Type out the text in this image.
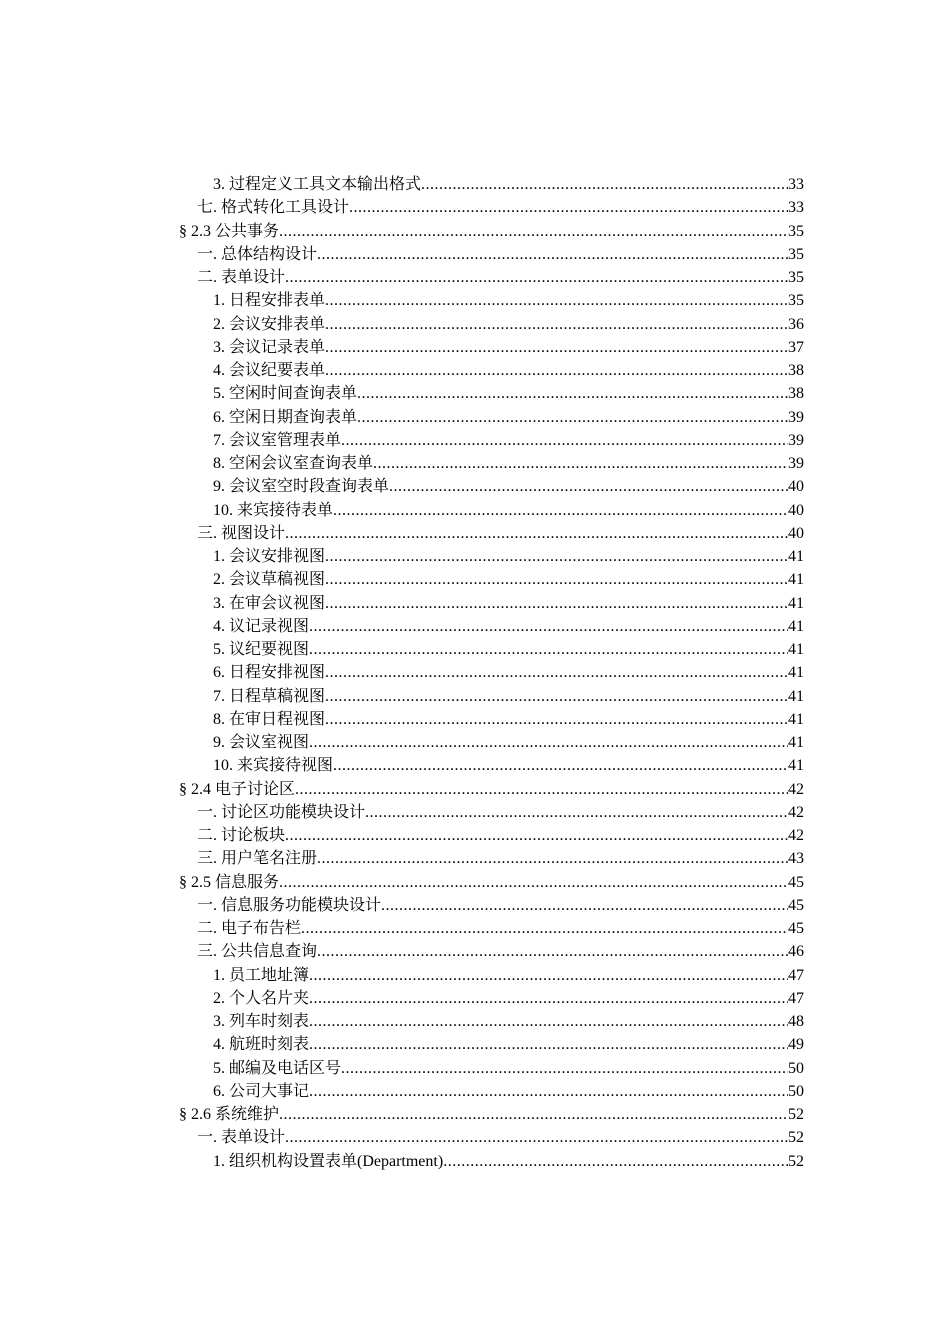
3. 过程定义工具文本输出格式 .....	33
七. 格式转化工具设计 .....	33
§ 2.3 公共事务 .....	35
一. 总体结构设计 .....	35
二. 表单设计 .....	35
1. 日程安排表单 .....	35
2. 会议安排表单 .....	36
3. 会议记录表单 .....	37
4. 会议纪要表单 .....	38
5. 空闲时间查询表单 .....	38
6. 空闲日期查询表单 .....	39
7. 会议室管理表单 .....	39
8. 空闲会议室查询表单 .....	39
9. 会议室空时段查询表单 .....	40
10. 来宾接待表单 .....	40
三. 视图设计 .....	40
1. 会议安排视图 .....	41
2. 会议草稿视图 .....	41
3. 在审会议视图 .....	41
4. 议记录视图 .....	41
5. 议纪要视图 .....	41
6. 日程安排视图 .....	41
7. 日程草稿视图 .....	41
8. 在审日程视图 .....	41
9. 会议室视图 .....	41
10. 来宾接待视图 .....	41
§ 2.4 电子讨论区 .....	42
一. 讨论区功能模块设计 .....	42
二. 讨论板块 .....	42
三. 用户笔名注册 .....	43
§ 2.5 信息服务 .....	45
一. 信息服务功能模块设计 .....	45
二. 电子布告栏 .....	45
三. 公共信息查询 .....	46
1. 员工地址簿 .....	47
2. 个人名片夹 .....	47
3. 列车时刻表 .....	48
4. 航班时刻表 .....	49
5. 邮编及电话区号 .....	50
6. 公司大事记 .....	50
§ 2.6 系统维护 .....	52
一. 表单设计 .....	52
1. 组织机构设置表单(Department) .....	52
